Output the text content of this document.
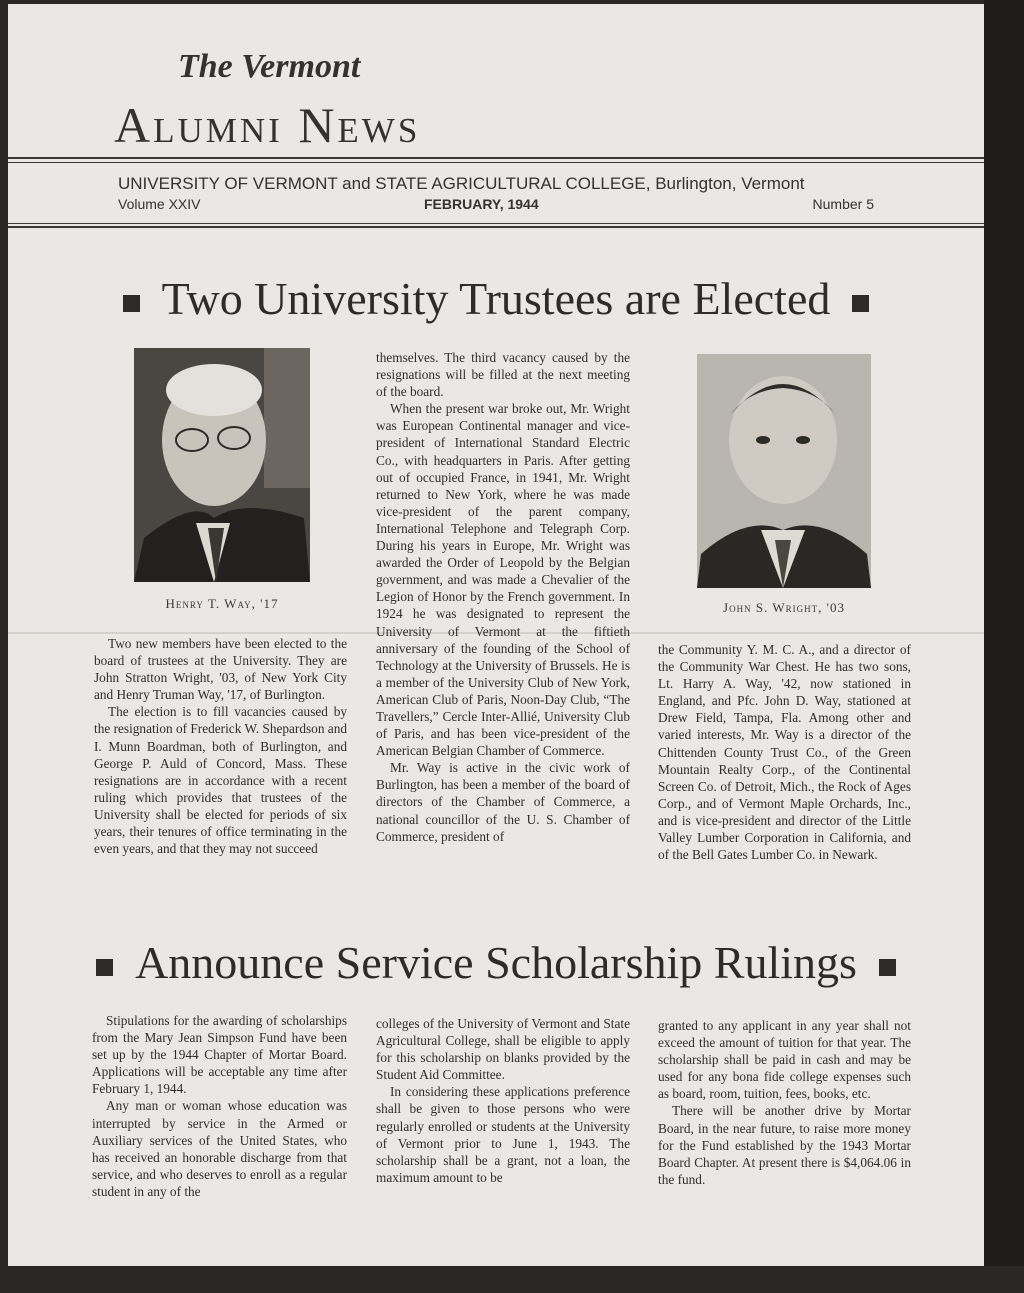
The Vermont
Alumni News
UNIVERSITY OF VERMONT and STATE AGRICULTURAL COLLEGE, Burlington, Vermont
Volume XXIV	FEBRUARY, 1944	Number 5
Two University Trustees are Elected
Henry T. Way, '17	John S. Wright, '03

Two new members have been elected to the board of trustees at the University. They are John Stratton Wright, '03, of New York City and Henry Truman Way, '17, of Burlington.

The election is to fill vacancies caused by the resignation of Frederick W. Shepardson and I. Munn Boardman, both of Burlington, and George P. Auld of Concord, Mass. These resignations are in accordance with a recent ruling which provides that trustees of the University shall be elected for periods of six years, their tenures of office terminating in the even years, and that they may not succeed

themselves. The third vacancy caused by the resignations will be filled at the next meeting of the board.

When the present war broke out, Mr. Wright was European Continental manager and vice-president of International Standard Electric Co., with headquarters in Paris. After getting out of occupied France, in 1941, Mr. Wright returned to New York, where he was made vice-president of the parent company, International Telephone and Telegraph Corp. During his years in Europe, Mr. Wright was awarded the Order of Leopold by the Belgian government, and was made a Chevalier of the Legion of Honor by the French government. In 1924 he was designated to represent the University of Vermont at the fiftieth anniversary of the founding of the School of Technology at the University of Brussels. He is a member of the University Club of New York, American Club of Paris, Noon-Day Club, “The Travellers,” Cercle Inter-Allié, University Club of Paris, and has been vice-president of the American Belgian Chamber of Commerce.

Mr. Way is active in the civic work of Burlington, has been a member of the board of directors of the Chamber of Commerce, a national councillor of the U. S. Chamber of Commerce, president of

the Community Y. M. C. A., and a director of the Community War Chest. He has two sons, Lt. Harry A. Way, '42, now stationed in England, and Pfc. John D. Way, stationed at Drew Field, Tampa, Fla. Among other and varied interests, Mr. Way is a director of the Chittenden County Trust Co., of the Green Mountain Realty Corp., of the Continental Screen Co. of Detroit, Mich., the Rock of Ages Corp., and of Vermont Maple Orchards, Inc., and is vice-president and director of the Little Valley Lumber Corporation in California, and of the Bell Gates Lumber Co. in Newark.

Announce Service Scholarship Rulings

Stipulations for the awarding of scholarships from the Mary Jean Simpson Fund have been set up by the 1944 Chapter of Mortar Board. Applications will be acceptable any time after February 1, 1944.

Any man or woman whose education was interrupted by service in the Armed or Auxiliary services of the United States, who has received an honorable discharge from that service, and who deserves to enroll as a regular student in any of the

colleges of the University of Vermont and State Agricultural College, shall be eligible to apply for this scholarship on blanks provided by the Student Aid Committee.

In considering these applications preference shall be given to those persons who were regularly enrolled or students at the University of Vermont prior to June 1, 1943. The scholarship shall be a grant, not a loan, the maximum amount to be

granted to any applicant in any year shall not exceed the amount of tuition for that year. The scholarship shall be paid in cash and may be used for any bona fide college expenses such as board, room, tuition, fees, books, etc.

There will be another drive by Mortar Board, in the near future, to raise more money for the Fund established by the 1943 Mortar Board Chapter. At present there is $4,064.06 in the fund.
